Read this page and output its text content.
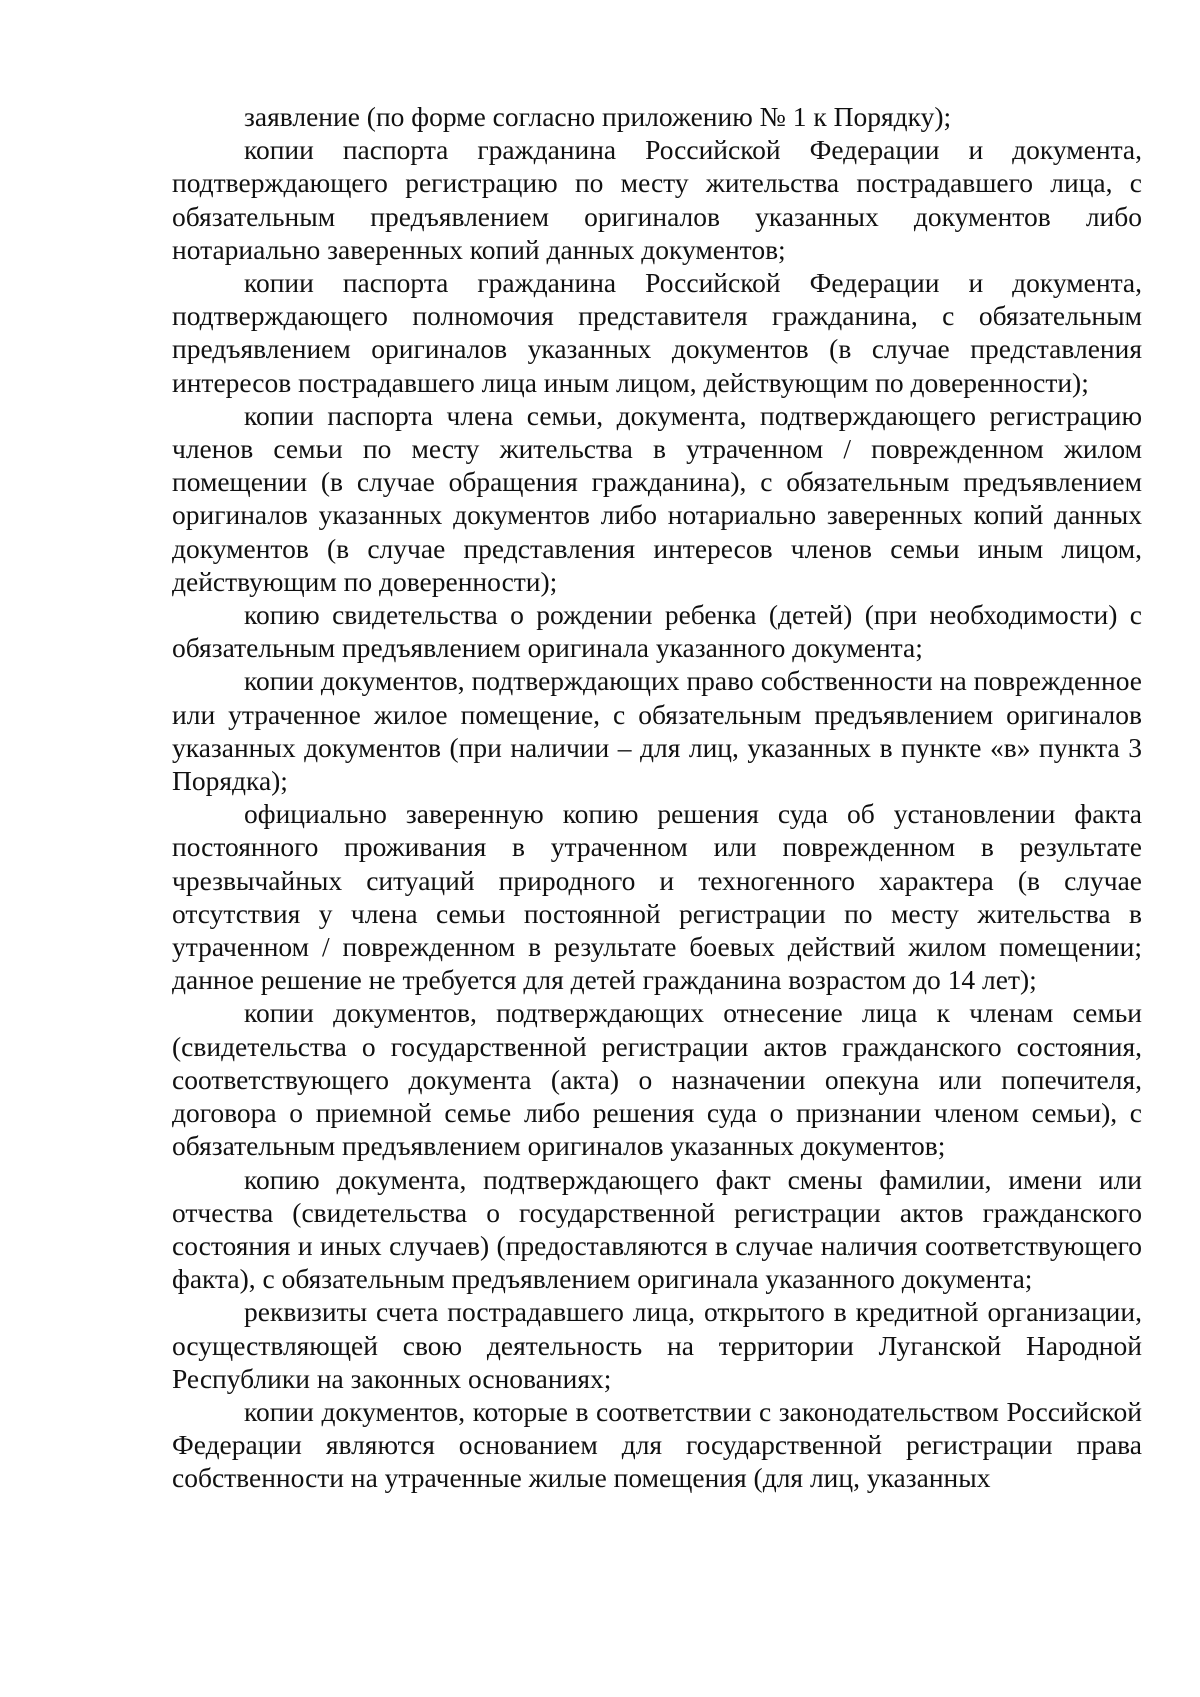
заявление (по форме согласно приложению № 1 к Порядку);

копии паспорта гражданина Российской Федерации и документа, подтверждающего регистрацию по месту жительства пострадавшего лица, с обязательным предъявлением оригиналов указанных документов либо нотариально заверенных копий данных документов;

копии паспорта гражданина Российской Федерации и документа, подтверждающего полномочия представителя гражданина, с обязательным предъявлением оригиналов указанных документов (в случае представления интересов пострадавшего лица иным лицом, действующим по доверенности);

копии паспорта члена семьи, документа, подтверждающего регистрацию членов семьи по месту жительства в утраченном / поврежденном жилом помещении (в случае обращения гражданина), с обязательным предъявлением оригиналов указанных документов либо нотариально заверенных копий данных документов (в случае представления интересов членов семьи иным лицом, действующим по доверенности);

копию свидетельства о рождении ребенка (детей) (при необходимости) с обязательным предъявлением оригинала указанного документа;

копии документов, подтверждающих право собственности на поврежденное или утраченное жилое помещение, с обязательным предъявлением оригиналов указанных документов (при наличии – для лиц, указанных в пункте «в» пункта 3 Порядка);

официально заверенную копию решения суда об установлении факта постоянного проживания в утраченном или поврежденном в результате чрезвычайных ситуаций природного и техногенного характера (в случае отсутствия у члена семьи постоянной регистрации по месту жительства в утраченном / поврежденном в результате боевых действий жилом помещении; данное решение не требуется для детей гражданина возрастом до 14 лет);

копии документов, подтверждающих отнесение лица к членам семьи (свидетельства о государственной регистрации актов гражданского состояния, соответствующего документа (акта) о назначении опекуна или попечителя, договора о приемной семье либо решения суда о признании членом семьи), с обязательным предъявлением оригиналов указанных документов;

копию документа, подтверждающего факт смены фамилии, имени или отчества (свидетельства о государственной регистрации актов гражданского состояния и иных случаев) (предоставляются в случае наличия соответствующего факта), с обязательным предъявлением оригинала указанного документа;

реквизиты счета пострадавшего лица, открытого в кредитной организации, осуществляющей свою деятельность на территории Луганской Народной Республики на законных основаниях;

копии документов, которые в соответствии с законодательством Российской Федерации являются основанием для государственной регистрации права собственности на утраченные жилые помещения (для лиц, указанных
